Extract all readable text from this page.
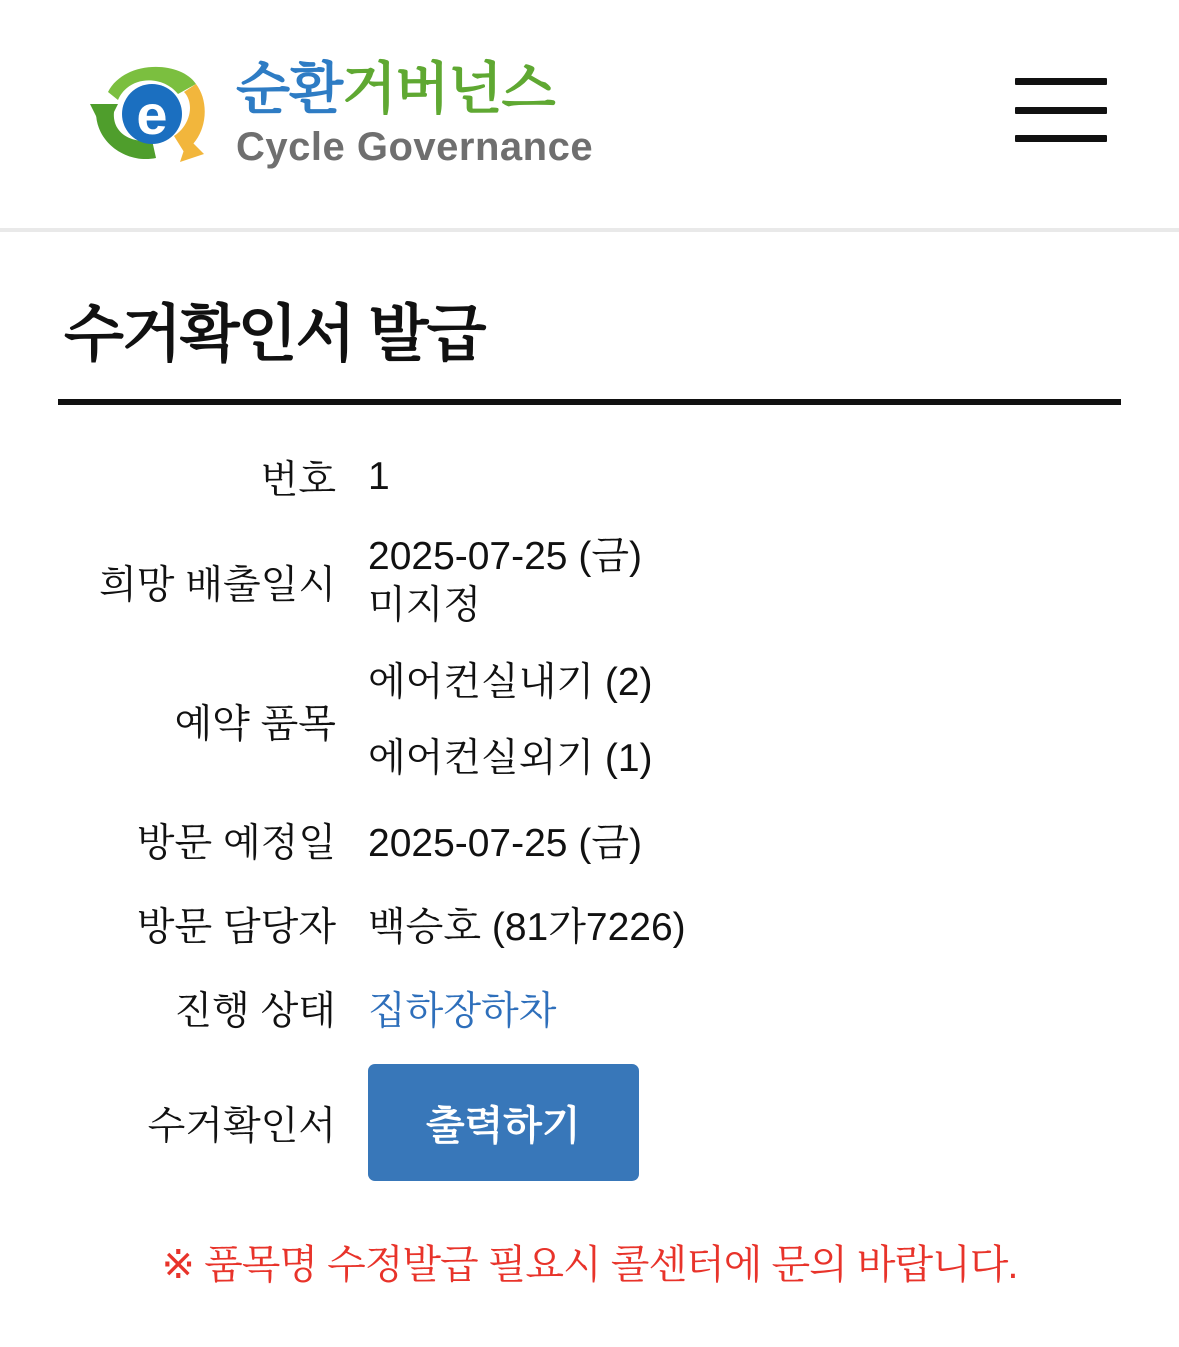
e 순환거버넌스
Cycle Governance
수거확인서 발급
번호	1
희망 배출일시	2025-07-25 (금)
미지정

예약 품목	에어컨실내기 (2)
에어컨실외기 (1)

방문 예정일	2025-07-25 (금)
방문 담당자	백승호 (81가7226)
진행 상태	집하장하차
수거확인서	출력하기
※ 품목명 수정발급 필요시 콜센터에 문의 바랍니다.
